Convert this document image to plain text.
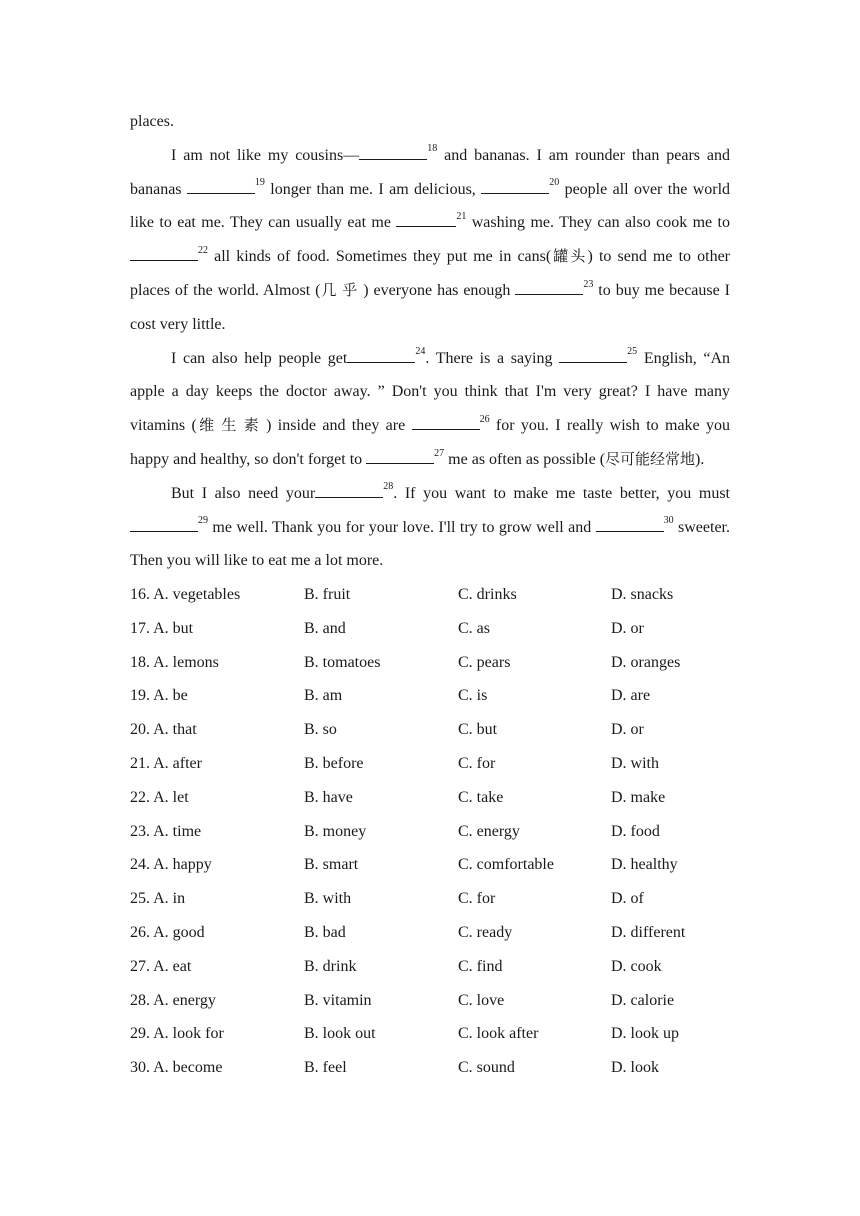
places.

I am not like my cousins—	$^{18}$ and bananas. I am rounder than pears and bananas	$^{19}$ longer than me. I am delicious,	$^{20}$ people all over the world like to eat me. They can usually eat me	$^{21}$ washing me. They can also cook me to $^{22}$ all kinds of food. Sometimes they put me in cans(罐头) to send me to other places of the world. Almost (几乎) everyone has enough	$^{23}$ to buy me because I cost very little.

I can also help people get	$^{24}$. There is a saying	$^{25}$ English, “An apple a day keeps the doctor away. ” Don't you think that I'm very great? I have many vitamins (维生素) inside and they are	$^{26}$ for you. I really wish to make you happy and healthy, so don't forget to	$^{27}$ me as often as possible (尽可能经常地).

But I also need your	$^{28}$. If you want to make me taste better, you must $^{29}$ me well. Thank you for your love. I'll try to grow well and	$^{30}$ sweeter. Then you will like to eat me a lot more.

16. A. vegetables	B. fruit	C. drinks	D. snacks
17. A. but	B. and	C. as	D. or
18. A. lemons	B. tomatoes	C. pears	D. oranges
19. A. be	B. am	C. is	D. are
20. A. that	B. so	C. but	D. or
21. A. after	B. before	C. for	D. with
22. A. let	B. have	C. take	D. make
23. A. time	B. money	C. energy	D. food
24. A. happy	B. smart	C. comfortable	D. healthy
25. A. in	B. with	C. for	D. of
26. A. good	B. bad	C. ready	D. different
27. A. eat	B. drink	C. find	D. cook
28. A. energy	B. vitamin	C. love	D. calorie
29. A. look for	B. look out	C. look after	D. look up
30. A. become	B. feel	C. sound	D. look
